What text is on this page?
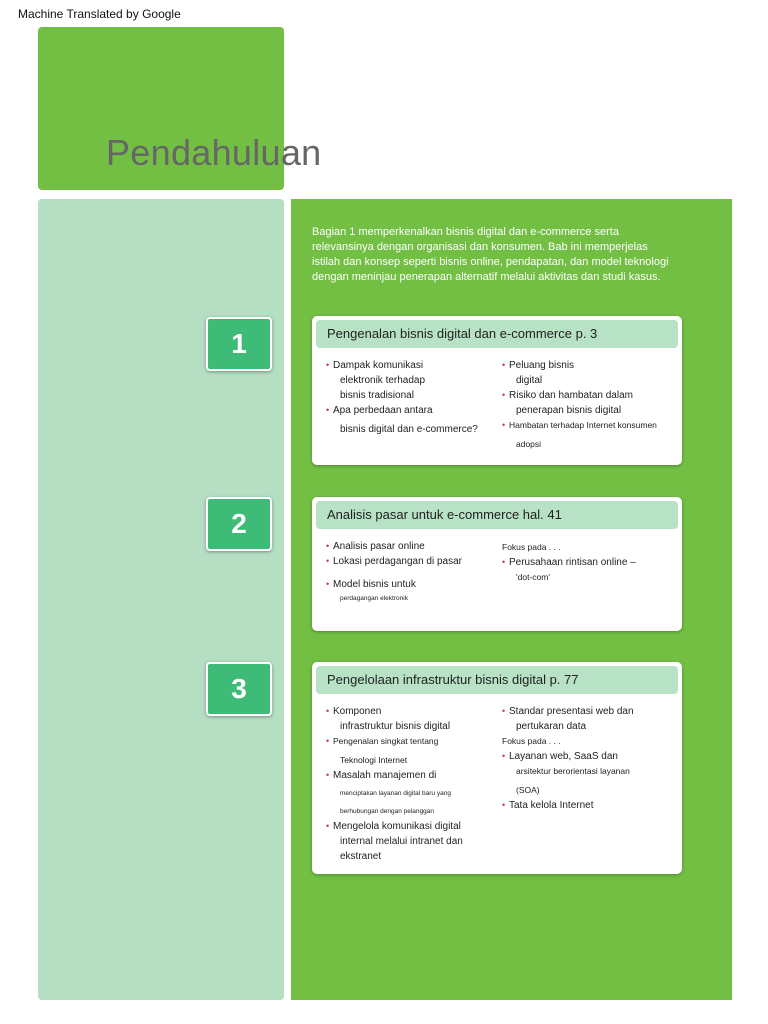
Machine Translated by Google
Pendahuluan
Bagian 1 memperkenalkan bisnis digital dan e-commerce serta relevansinya dengan organisasi dan konsumen. Bab ini memperjelas istilah dan konsep seperti bisnis online, pendapatan, dan model teknologi dengan meninjau penerapan alternatif melalui aktivitas dan studi kasus.
1	Pengenalan bisnis digital dan e-commerce p. 3
• Dampak komunikasi
elektronik terhadap
bisnis tradisional
• Apa perbedaan antara
bisnis digital dan e-commerce?
• Peluang bisnis
digital
• Risiko dan hambatan dalam
penerapan bisnis digital
• Hambatan terhadap Internet konsumen
adopsi
2	Analisis pasar untuk e-commerce hal. 41
• Analisis pasar online
• Lokasi perdagangan di pasar
• Model bisnis untuk
perdagangan elektronik
Fokus pada . . .
• Perusahaan rintisan online –
'dot-com'
3	Pengelolaan infrastruktur bisnis digital p. 77
• Komponen
infrastruktur bisnis digital
• Pengenalan singkat tentang
Teknologi Internet
• Masalah manajemen di
menciptakan layanan digital baru yang
berhubungan dengan pelanggan
• Mengelola komunikasi digital
internal melalui intranet dan
ekstranet
• Standar presentasi web dan
pertukaran data
Fokus pada . . .
• Layanan web, SaaS dan
arsitektur berorientasi layanan
(SOA)
• Tata kelola Internet
